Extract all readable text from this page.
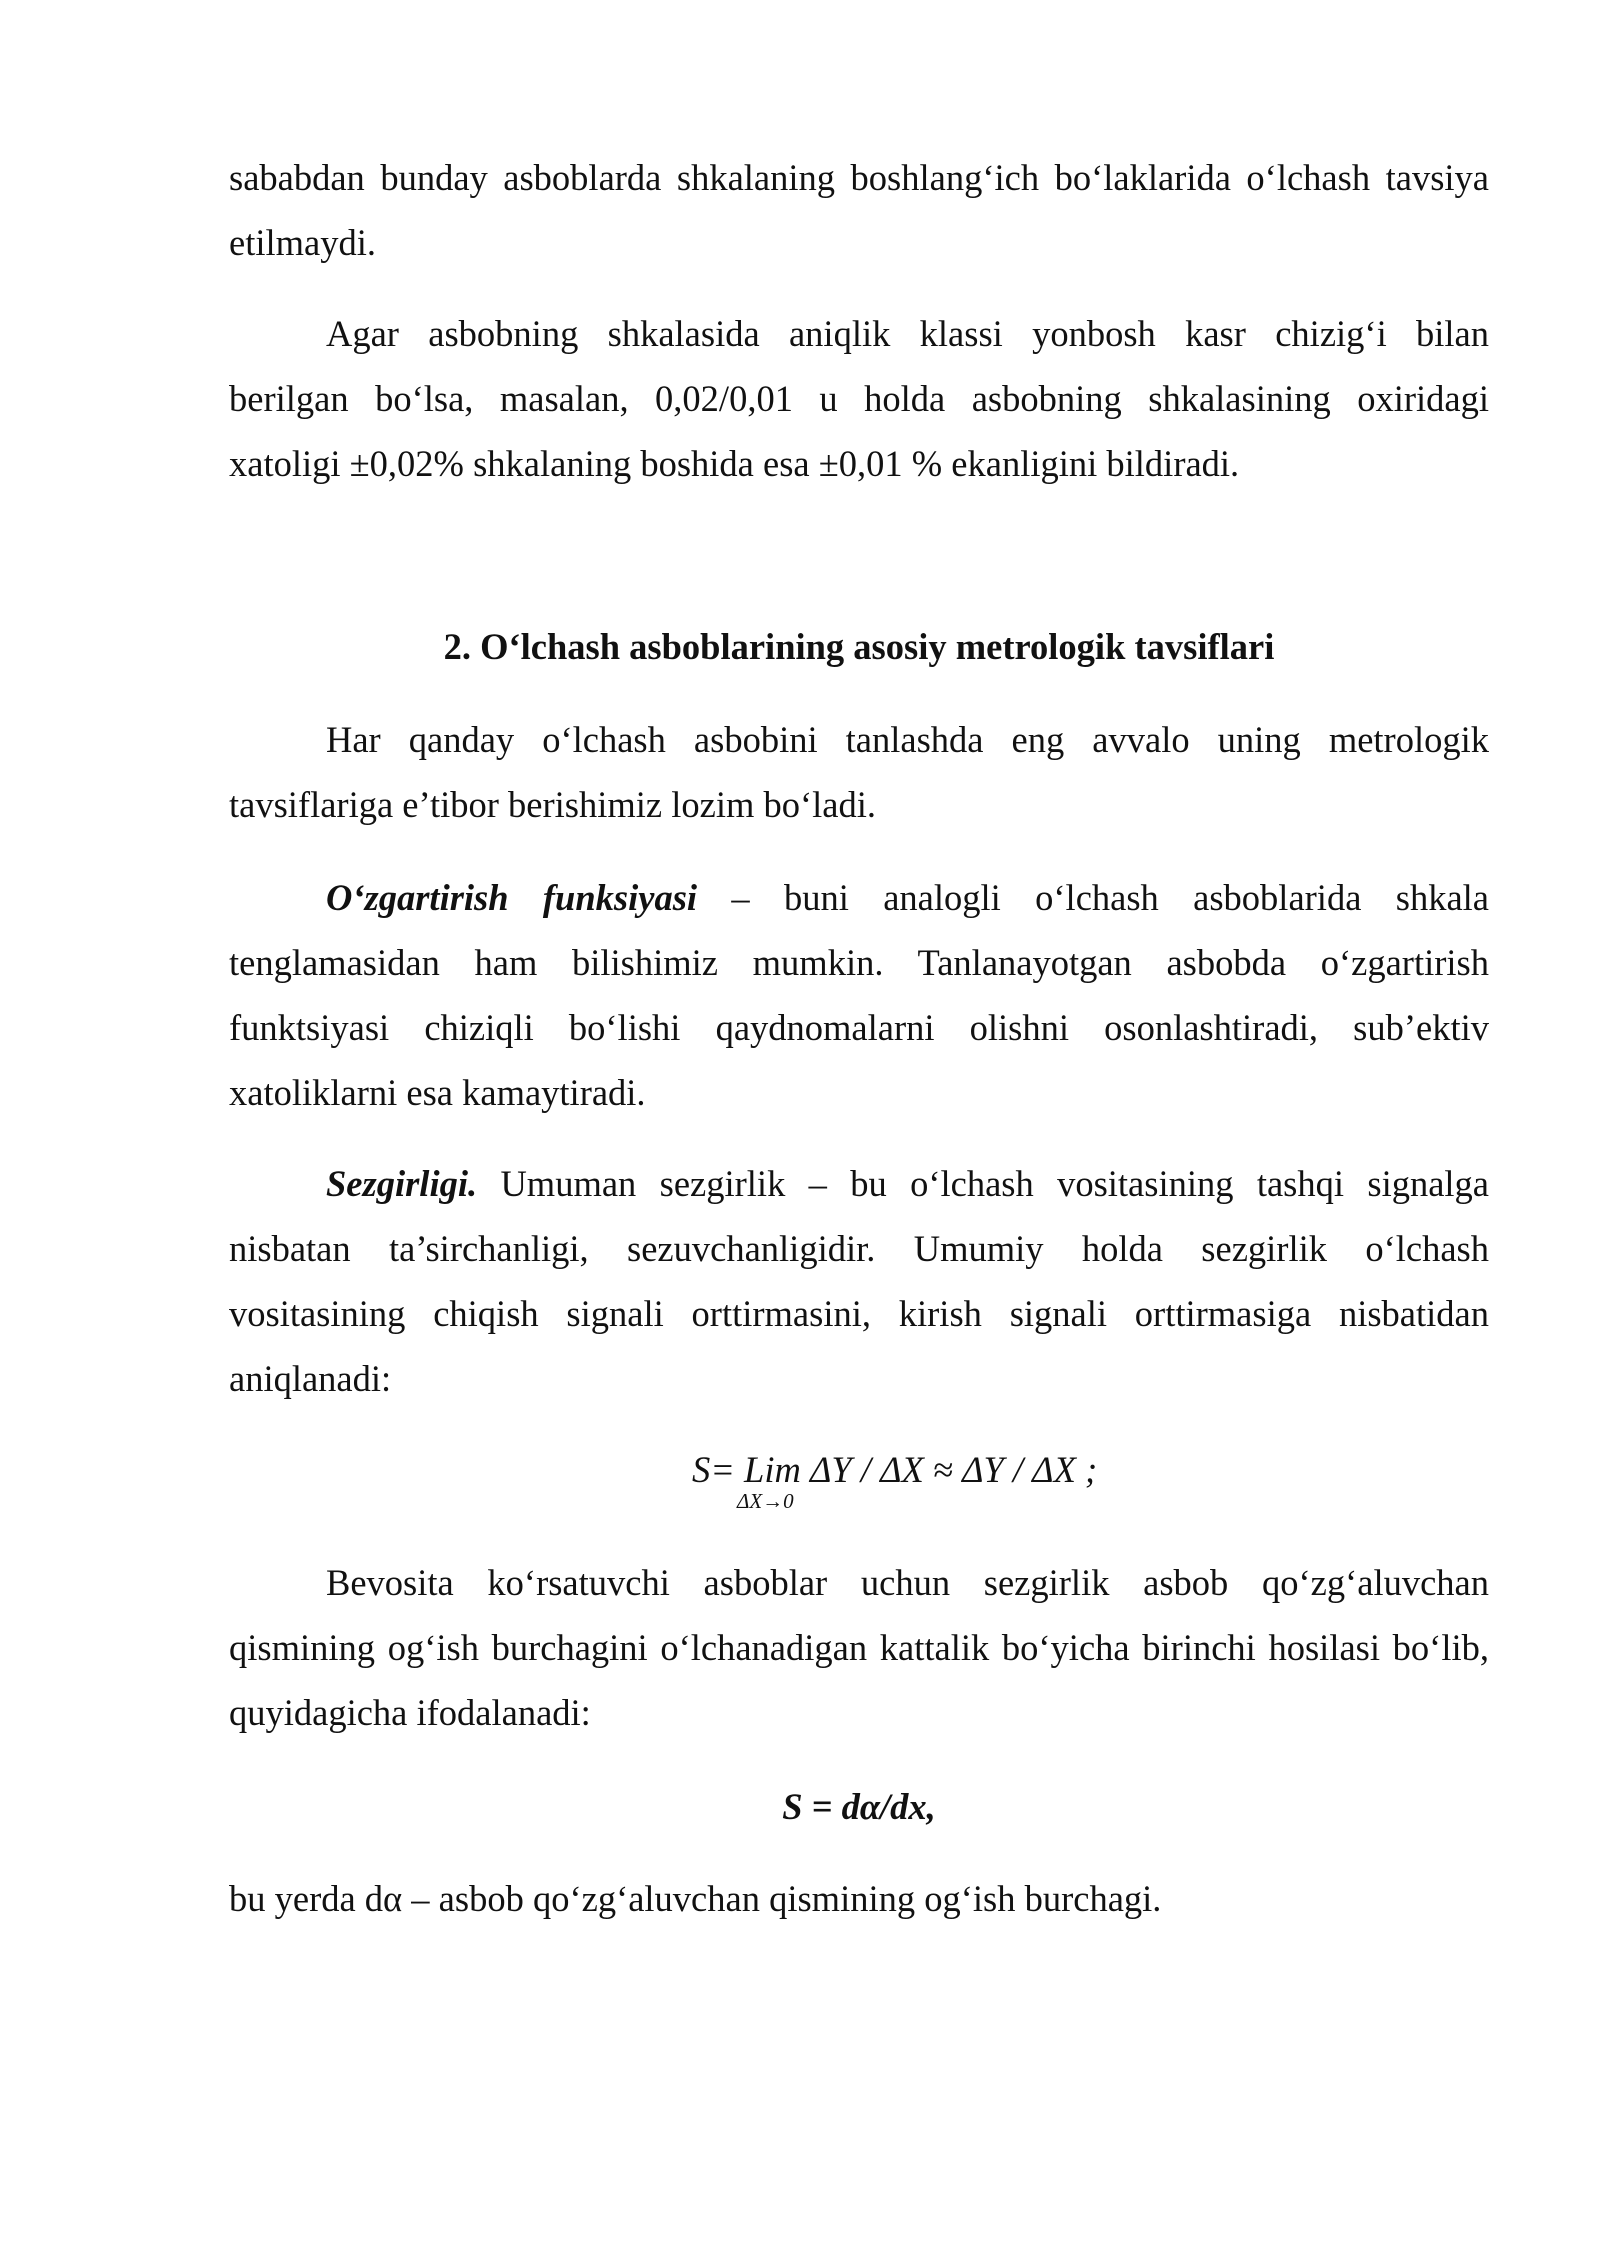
sababdan bunday asboblarda shkalaning boshlang‘ich bo‘laklarida o‘lchash tavsiya
etilmaydi.
Agar asbobning shkalasida aniqlik klassi yonbosh kasr chizig‘i bilan
berilgan bo‘lsa, masalan, 0,02/0,01 u holda asbobning shkalasining oxiridagi
xatoligi ±0,02% shkalaning boshida esa ±0,01 % ekanligini bildiradi.
2. O‘lchash asboblarining asosiy metrologik tavsiflari
Har qanday o‘lchash asbobini tanlashda eng avvalo uning metrologik
tavsiflariga e’tibor berishimiz lozim bo‘ladi.
O‘zgartirish funksiyasi – buni analogli o‘lchash asboblarida shkala
tenglamasidan ham bilishimiz mumkin. Tanlanayotgan asbobda o‘zgartirish
funktsiyasi chiziqli bo‘lishi qaydnomalarni olishni osonlashtiradi, sub’ektiv
xatoliklarni esa kamaytiradi.
Sezgirligi. Umuman sezgirlik – bu o‘lchash vositasining tashqi signalga
nisbatan ta’sirchanligi, sezuvchanligidir. Umumiy holda sezgirlik o‘lchash
vositasining chiqish signali orttirmasini, kirish signali orttirmasiga nisbatidan
aniqlanadi:
S= Lim
ΔX→0
ΔY / ΔX ≈ ΔY / ΔX ;
Bevosita ko‘rsatuvchi asboblar uchun sezgirlik asbob qo‘zg‘aluvchan
qismining og‘ish burchagini o‘lchanadigan kattalik bo‘yicha birinchi hosilasi bo‘lib,
quyidagicha ifodalanadi:
S = dα/dx,
bu yerda dα – asbob qo‘zg‘aluvchan qismining og‘ish burchagi.
